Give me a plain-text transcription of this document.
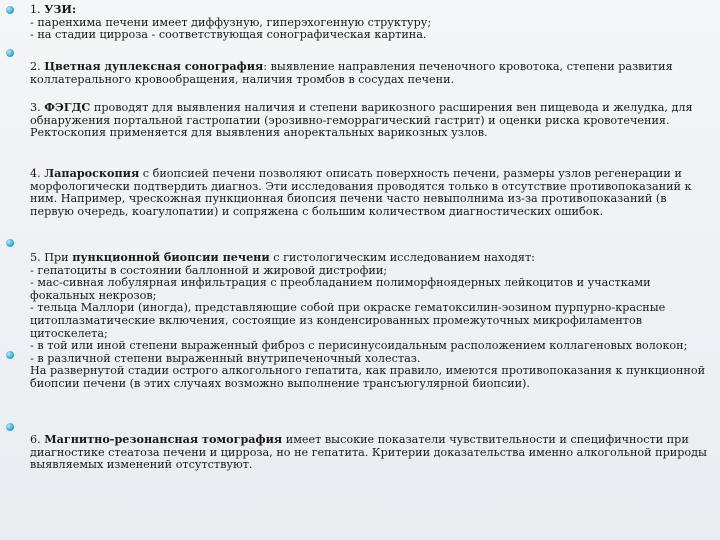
1. УЗИ:

- паренхима печени имеет диффузную, гиперэхогенную структуру;

- на стадии цирроза - соответствующая сонографическая картина.

2. Цветная дуплексная сонография: выявление направления печеночного кровотока, степени развития коллатерального кровообращения, наличия тромбов в сосудах печени.

3. ФЭГДС проводят для выявления наличия и степени варикозного расширения вен пищевода и желудка, для обнаружения портальной гастропатии (эрозивно-геморрагический гастрит) и оценки риска кровотечения.

Ректоскопия применяется для выявления аноректальных варикозных узлов.

4. Лапароскопия с биопсией печени позволяют описать поверхность печени, размеры узлов регенерации и морфологически подтвердить диагноз. Эти исследования проводятся только в отсутствие противопоказаний к ним. Например, чрескожная пункционная биопсия печени часто невыполнима из-за противопоказаний (в первую очередь, коагулопатии) и сопряжена с большим количеством диагностических ошибок.

5. При пункционной биопсии печени с гистологическим исследованием находят:

- гепатоциты в состоянии баллонной и жировой дистрофии;

- мас-сивная лобулярная инфильтрация с преобладанием полиморфноядерных лейкоцитов и участками фокальных некрозов;

- тельца Маллори (иногда), представляющие собой при окраске гематоксилин-эозином пурпурно-красные цитоплазматические включения, состоящие из конденсированных промежуточных микрофиламентов цитоскелета;

- в той или иной степени выраженный фиброз с перисинусоидальным расположением коллагеновых волокон;

- в различной степени выраженный внутрипеченочный холестаз.

На развернутой стадии острого алкогольного гепатита, как правило, имеются противопоказания к пункционной биопсии печени (в этих случаях возможно выполнение трансъюгулярной биопсии).

6. Магнитно-резонансная томография имеет высокие показатели чувствительности и специфичности при диагностике стеатоза печени и цирроза, но не гепатита. Критерии доказательства именно алкогольной природы выявляемых изменений отсутствуют.
